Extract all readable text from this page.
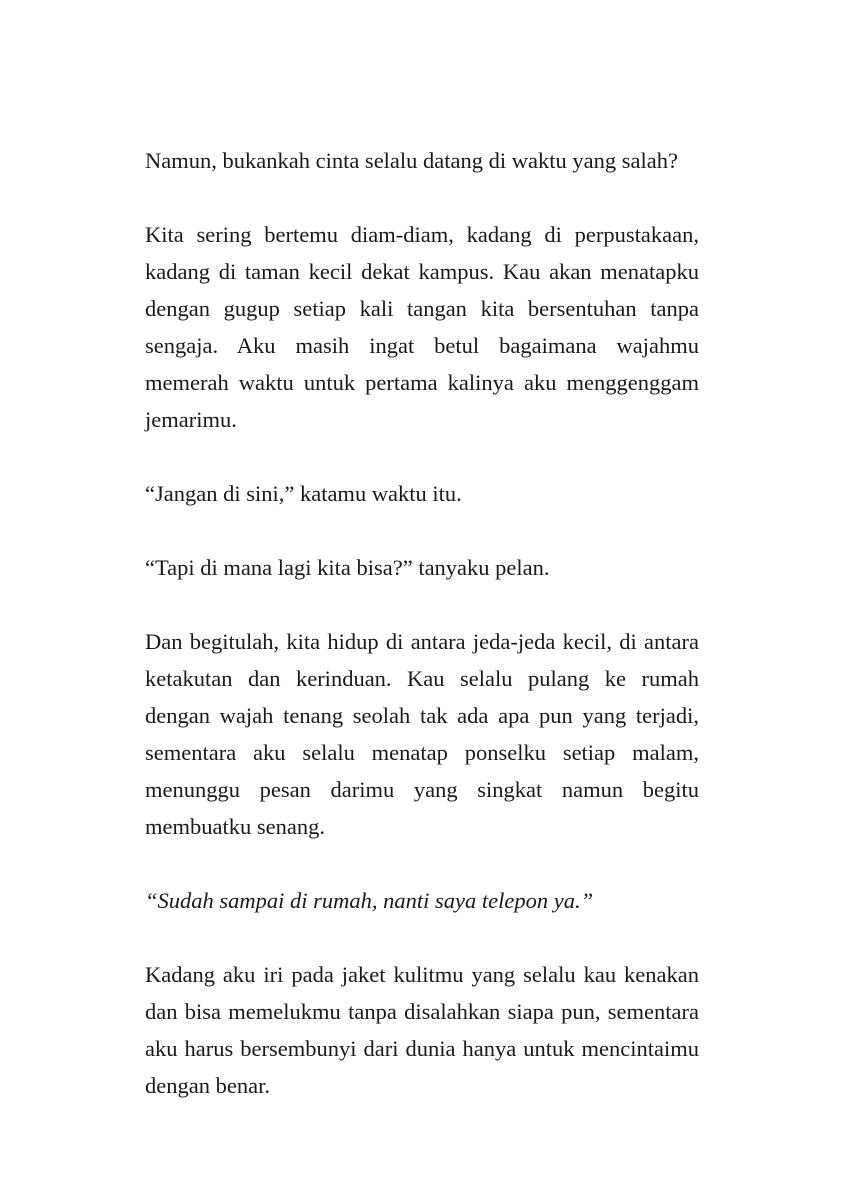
Namun, bukankah cinta selalu datang di waktu yang salah?

Kita sering bertemu diam-diam, kadang di perpustakaan, kadang di taman kecil dekat kampus. Kau akan menatapku dengan gugup setiap kali tangan kita bersentuhan tanpa sengaja. Aku masih ingat betul bagaimana wajahmu memerah waktu untuk pertama kalinya aku menggenggam jemarimu.

“Jangan di sini,” katamu waktu itu.

“Tapi di mana lagi kita bisa?” tanyaku pelan.

Dan begitulah, kita hidup di antara jeda-jeda kecil, di antara ketakutan dan kerinduan. Kau selalu pulang ke rumah dengan wajah tenang seolah tak ada apa pun yang terjadi, sementara aku selalu menatap ponselku setiap malam, menunggu pesan darimu yang singkat namun begitu membuatku senang.

“Sudah sampai di rumah, nanti saya telepon ya.”

Kadang aku iri pada jaket kulitmu yang selalu kau kenakan dan bisa memelukmu tanpa disalahkan siapa pun, sementara aku harus bersembunyi dari dunia hanya untuk mencintaimu dengan benar.
